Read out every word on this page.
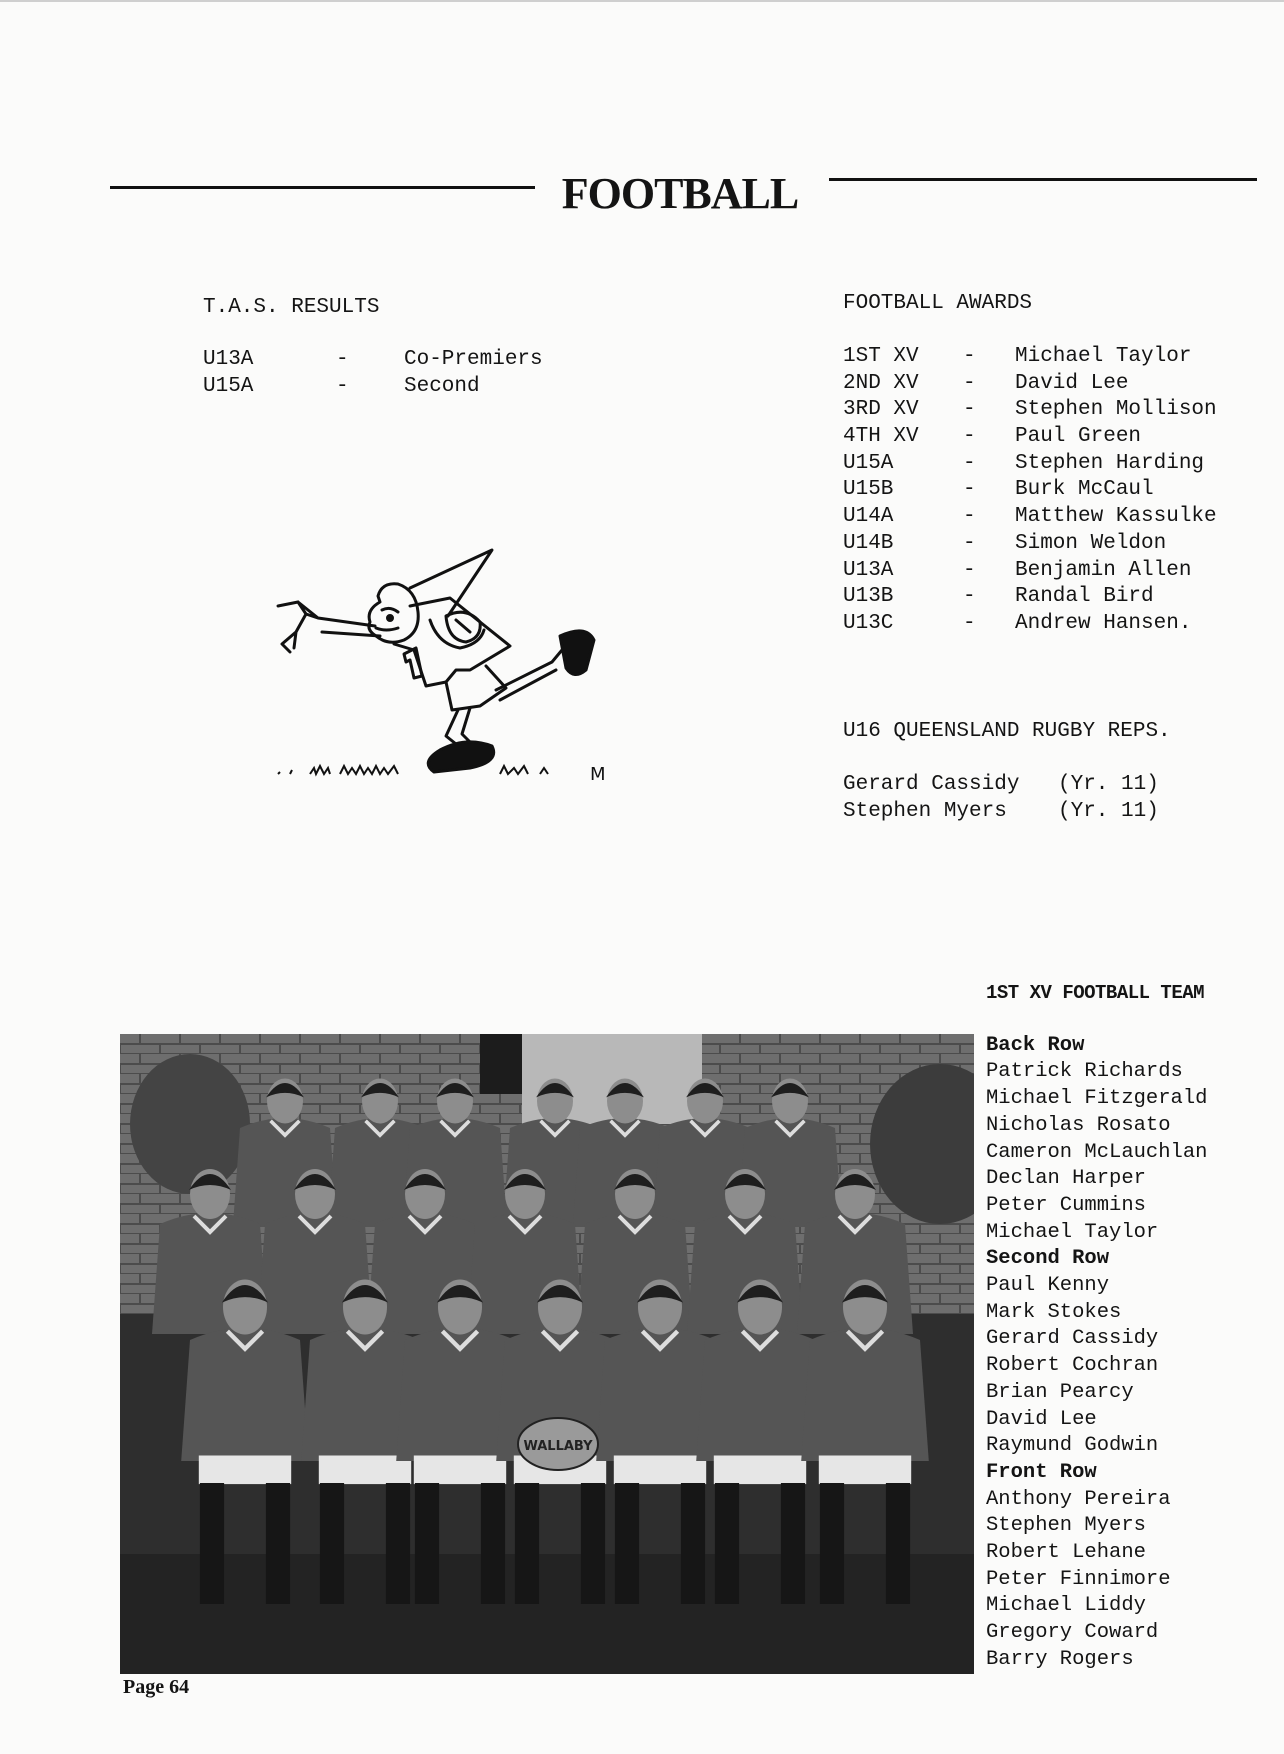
FOOTBALL
T.A.S. RESULTS
U13A	-	Co-Premiers
U15A	-	Second
FOOTBALL AWARDS
1ST XV	-	Michael Taylor
2ND XV	-	David Lee
3RD XV	-	Stephen Mollison
4TH XV	-	Paul Green
U15A	-	Stephen Harding
U15B	-	Burk McCaul
U14A	-	Matthew Kassulke
U14B	-	Simon Weldon
U13A	-	Benjamin Allen
U13B	-	Randal Bird
U13C	-	Andrew Hansen.
U16 QUEENSLAND RUGBY REPS.
Gerard Cassidy	(Yr. 11)
Stephen Myers	(Yr. 11)
M
WALLABY
1ST XV FOOTBALL TEAM
Back Row
Patrick Richards
Michael Fitzgerald
Nicholas Rosato
Cameron McLauchlan
Declan Harper
Peter Cummins
Michael Taylor
Second Row
Paul Kenny
Mark Stokes
Gerard Cassidy
Robert Cochran
Brian Pearcy
David Lee
Raymund Godwin
Front Row
Anthony Pereira
Stephen Myers
Robert Lehane
Peter Finnimore
Michael Liddy
Gregory Coward
Barry Rogers
Page 64
